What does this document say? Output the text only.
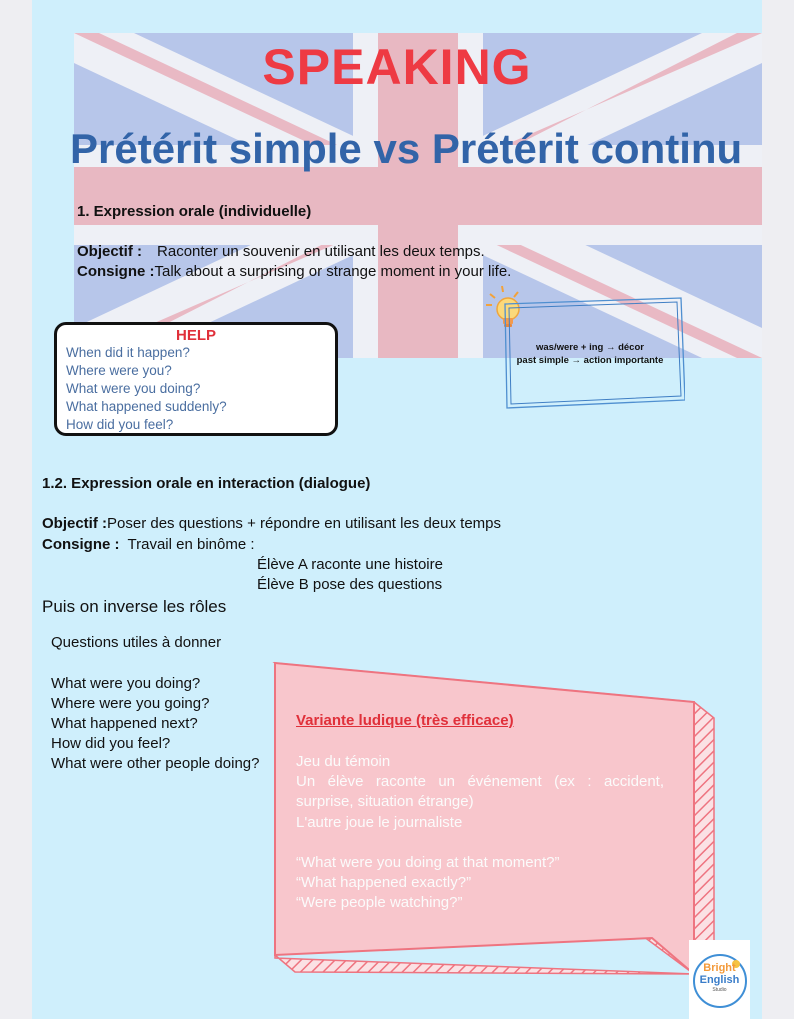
SPEAKING
Prétérit simple vs Prétérit continu
1. Expression orale (individuelle)
Objectif : Raconter un souvenir en utilisant les deux temps.
Consigne :Talk about a surprising or strange moment in your life.
HELP
When did it happen?
Where were you?
What were you doing?
What happened suddenly?
How did you feel?
was/were + ing → décor
past simple → action importante
1.2. Expression orale en interaction (dialogue)
Objectif :Poser des questions + répondre en utilisant les deux temps
Consigne : Travail en binôme :
Élève A raconte une histoire
Élève B pose des questions
Puis on inverse les rôles
Questions utiles à donner
What were you doing?
Where were you going?
What happened next?
How did you feel?
What were other people doing?
Variante ludique (très efficace)
Jeu du témoin
Un élève raconte un événement (ex : accident,
surprise, situation étrange)
L'autre joue le journaliste
“What were you doing at that moment?”
“What happened exactly?”
“Were people watching?”
Bright
English
Studio
